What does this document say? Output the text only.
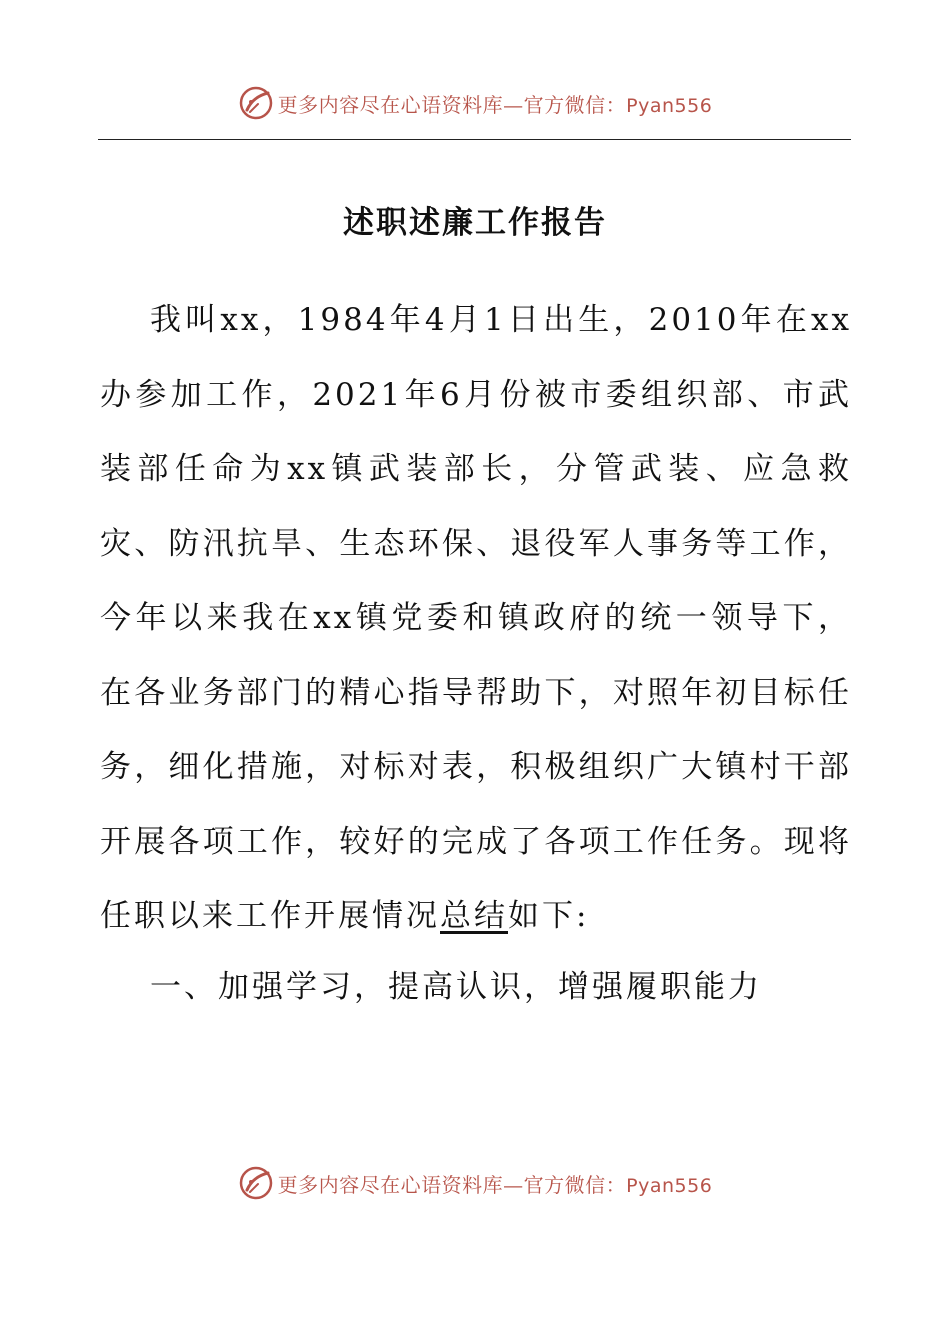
更多内容尽在心语资料库—官方微信：Pyan556
述职述廉工作报告

我叫xx，1984年4月1日出生，2010年在xx办参加工作，2021年6月份被市委组织部、市武装部任命为xx镇武装部长，分管武装、应急救灾、防汛抗旱、生态环保、退役军人事务等工作，今年以来我在xx镇党委和镇政府的统一领导下，在各业务部门的精心指导帮助下，对照年初目标任务，细化措施，对标对表，积极组织广大镇村干部开展各项工作，较好的完成了各项工作任务。现将任职以来工作开展情况总结如下:

一、加强学习，提高认识，增强履职能力

更多内容尽在心语资料库—官方微信：Pyan556
